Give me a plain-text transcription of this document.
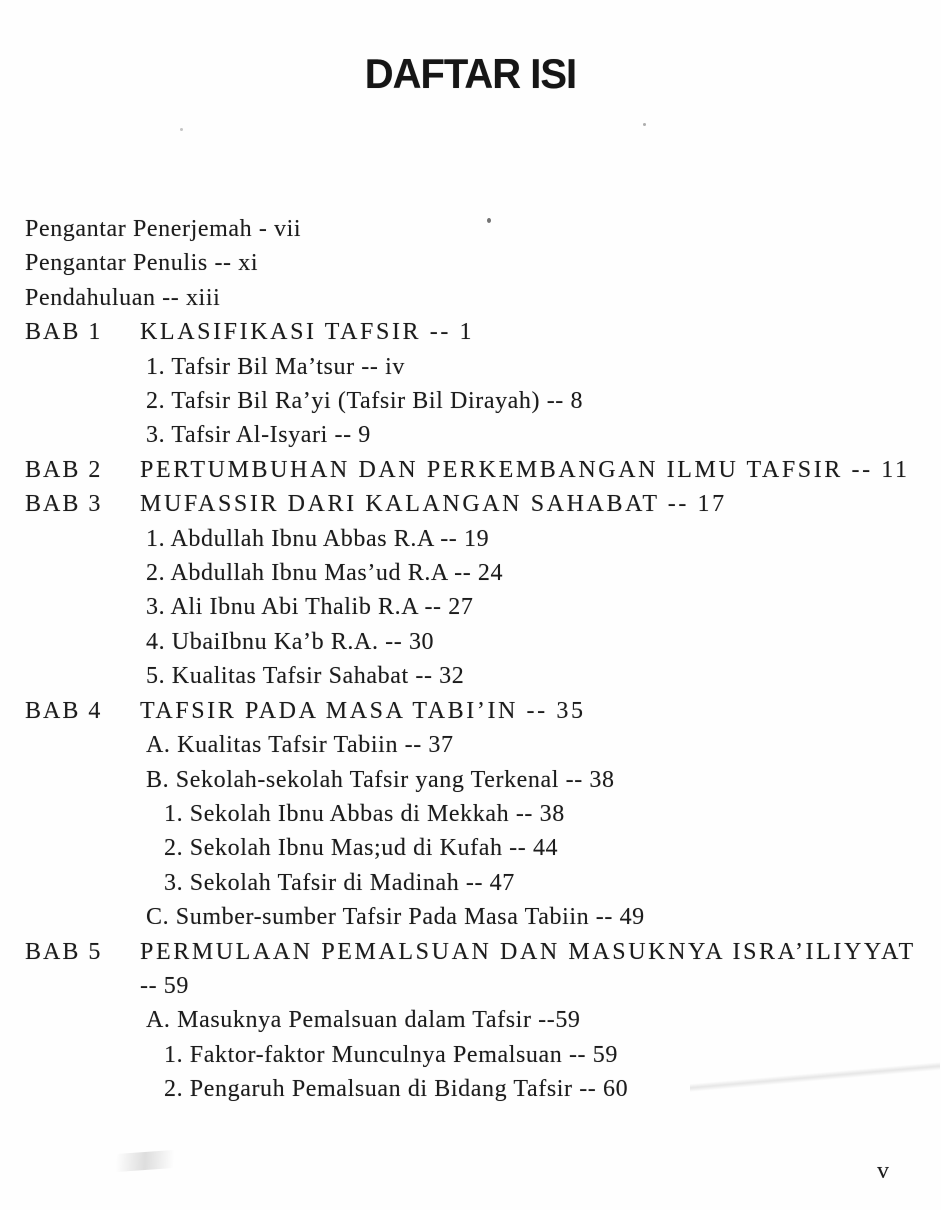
DAFTAR ISI
Pengantar Penerjemah - vii
Pengantar Penulis -- xi
Pendahuluan -- xiii
BAB 1	KLASIFIKASI TAFSIR -- 1
1. Tafsir Bil Ma’tsur -- iv
2. Tafsir Bil Ra’yi (Tafsir Bil Dirayah) -- 8
3. Tafsir Al-Isyari -- 9
BAB 2	PERTUMBUHAN DAN PERKEMBANGAN ILMU TAFSIR -- 11
BAB 3	MUFASSIR DARI KALANGAN SAHABAT -- 17
1. Abdullah Ibnu Abbas R.A -- 19
2. Abdullah Ibnu Mas’ud R.A -- 24
3. Ali Ibnu Abi Thalib R.A -- 27
4. UbaiIbnu Ka’b R.A. -- 30
5. Kualitas Tafsir Sahabat -- 32
BAB 4	TAFSIR PADA MASA TABI’IN -- 35
A. Kualitas Tafsir Tabiin -- 37
B. Sekolah-sekolah Tafsir yang Terkenal -- 38
1. Sekolah Ibnu Abbas di Mekkah -- 38
2. Sekolah Ibnu Mas;ud di Kufah -- 44
3. Sekolah Tafsir di Madinah -- 47
C. Sumber-sumber Tafsir Pada Masa Tabiin -- 49
BAB 5	PERMULAAN PEMALSUAN DAN MASUKNYA ISRA’ILIYYAT
-- 59
A. Masuknya Pemalsuan dalam Tafsir --59
1. Faktor-faktor Munculnya Pemalsuan -- 59
2. Pengaruh Pemalsuan di Bidang Tafsir -- 60
v
